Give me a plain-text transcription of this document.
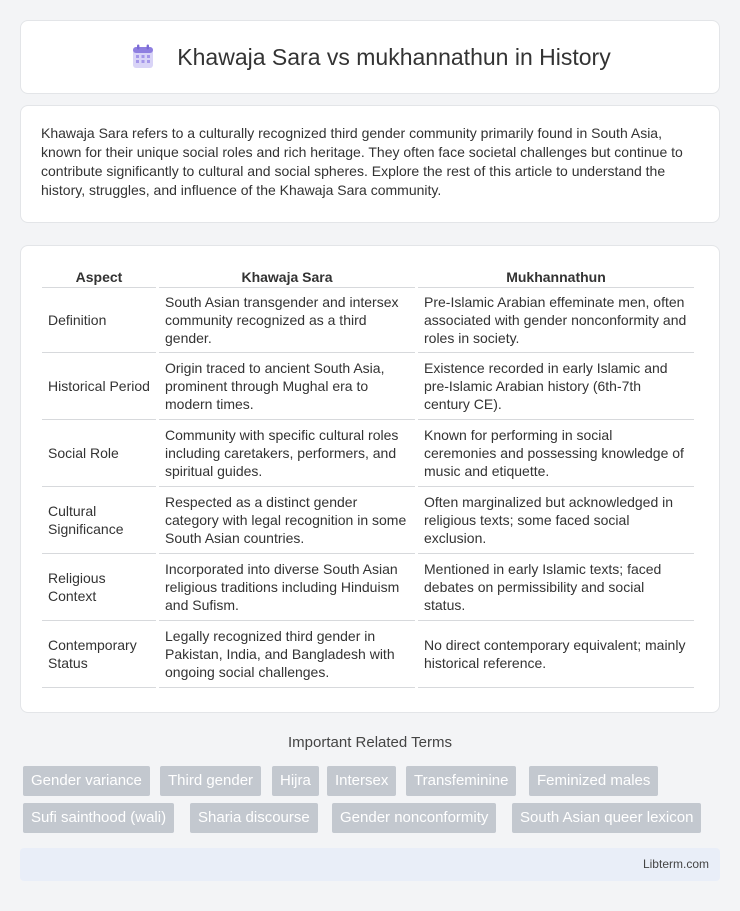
Khawaja Sara vs mukhannathun in History

Khawaja Sara refers to a culturally recognized third gender community primarily found in South Asia, known for their unique social roles and rich heritage. They often face societal challenges but continue to contribute significantly to cultural and social spheres. Explore the rest of this article to understand the history, struggles, and influence of the Khawaja Sara community.

Aspect	Khawaja Sara	Mukhannathun
Definition	South Asian transgender and intersex community recognized as a third gender.	Pre-Islamic Arabian effeminate men, often associated with gender nonconformity and roles in society.
Historical Period	Origin traced to ancient South Asia, prominent through Mughal era to modern times.	Existence recorded in early Islamic and pre-Islamic Arabian history (6th-7th century CE).
Social Role	Community with specific cultural roles including caretakers, performers, and spiritual guides.	Known for performing in social ceremonies and possessing knowledge of music and etiquette.
Cultural Significance	Respected as a distinct gender category with legal recognition in some South Asian countries.	Often marginalized but acknowledged in religious texts; some faced social exclusion.
Religious Context	Incorporated into diverse South Asian religious traditions including Hinduism and Sufism.	Mentioned in early Islamic texts; faced debates on permissibility and social status.
Contemporary Status	Legally recognized third gender in Pakistan, India, and Bangladesh with ongoing social challenges.	No direct contemporary equivalent; mainly historical reference.
Important Related Terms
Gender variance	Third gender	Hijra	Intersex	Transfeminine	Feminized males
Sufi sainthood (wali)	Sharia discourse	Gender nonconformity	South Asian queer lexicon
Libterm.com
